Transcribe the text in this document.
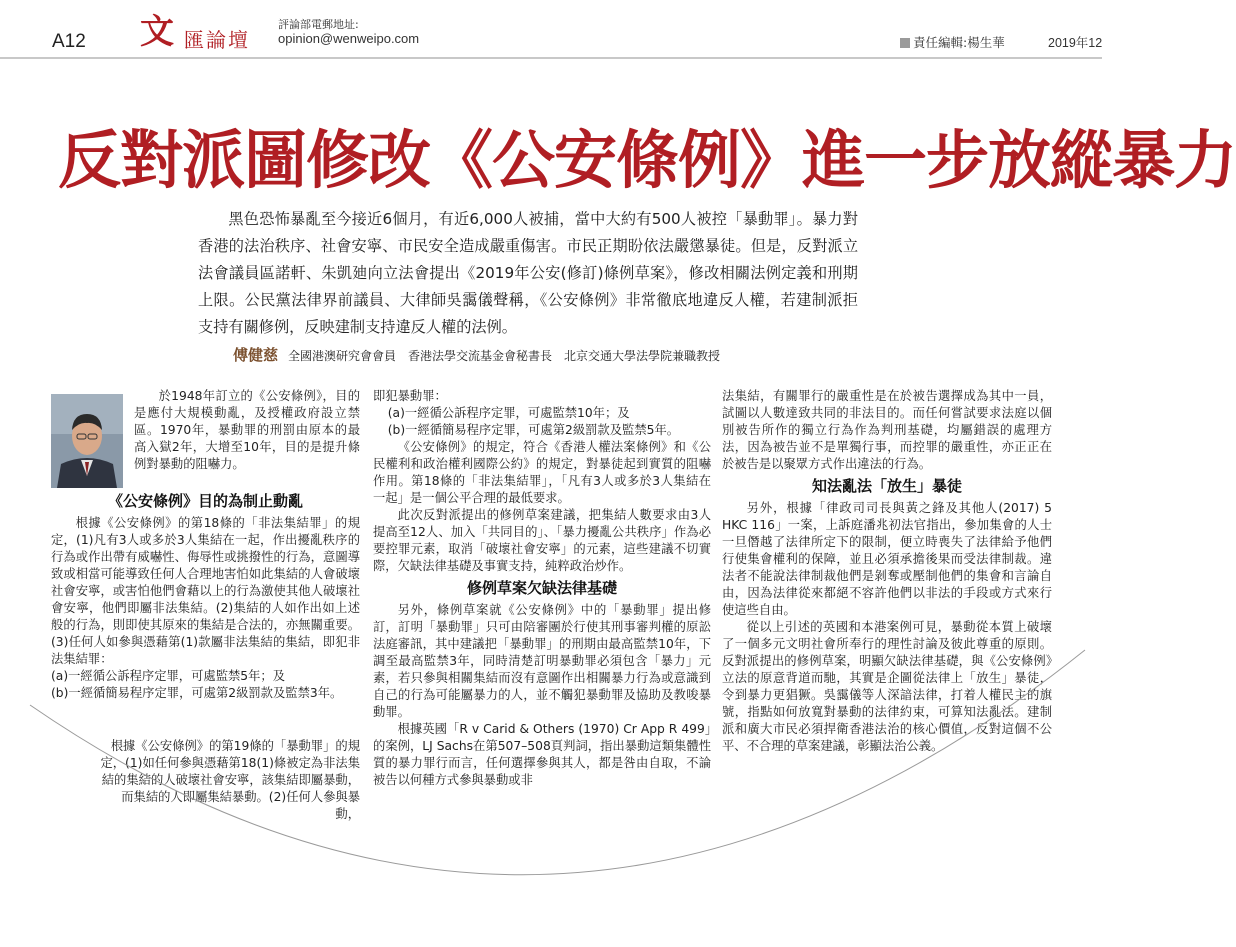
A12 文 匯論壇
評論部電郵地址:
opinion@wenweipo.com	責任編輯:楊生華	2019年12
反對派圖修改《公安條例》進一步放縱暴力

黑色恐怖暴亂至今接近6個月，有近6,000人被捕，當中大約有500人被控「暴動罪」。暴力對香港的法治秩序、社會安寧、市民安全造成嚴重傷害。市民正期盼依法嚴懲暴徒。但是，反對派立法會議員區諾軒、朱凱廸向立法會提出《2019年公安(修訂)條例草案》，修改相關法例定義和刑期上限。公民黨法律界前議員、大律師吳靄儀聲稱，《公安條例》非常徹底地違反人權，若建制派拒支持有關修例，反映建制支持違反人權的法例。

傅健慈 全國港澳研究會會員　香港法學交流基金會秘書長　北京交通大學法學院兼職教授

於1948年訂立的《公安條例》，目的是應付大規模動亂，及授權政府設立禁區。1970年，暴動罪的刑罰由原本的最高入獄2年，大增至10年，目的是提升條例對暴動的阻嚇力。

《公安條例》目的為制止動亂

根據《公安條例》的第18條的「非法集結罪」的規定，(1)凡有3人或多於3人集結在一起，作出擾亂秩序的行為或作出帶有威嚇性、侮辱性或挑撥性的行為，意圖導致或相當可能導致任何人合理地害怕如此集結的人會破壞社會安寧，或害怕他們會藉以上的行為激使其他人破壞社會安寧，他們即屬非法集結。(2)集結的人如作出如上述般的行為，則即使其原來的集結是合法的，亦無關重要。(3)任何人如參與憑藉第(1)款屬非法集結的集結，即犯非法集結罪：

(a)一經循公訴程序定罪，可處監禁5年；及

(b)一經循簡易程序定罪，可處第2級罰款及監禁3年。

根據《公安條例》的第19條的「暴動罪」的規定，(1)如任何參與憑藉第18(1)條被定為非法集結的集結的人破壞社會安寧，該集結即屬暴動，而集結的人即屬集結暴動。(2)任何人參與暴動，

即犯暴動罪：

(a)一經循公訴程序定罪，可處監禁10年；及

(b)一經循簡易程序定罪，可處第2級罰款及監禁5年。

《公安條例》的規定，符合《香港人權法案條例》和《公民權利和政治權利國際公約》的規定，對暴徒起到實質的阻嚇作用。第18條的「非法集結罪」，「凡有3人或多於3人集結在一起」是一個公平合理的最低要求。

此次反對派提出的修例草案建議，把集結人數要求由3人提高至12人、加入「共同目的」、「暴力擾亂公共秩序」作為必要控罪元素，取消「破壞社會安寧」的元素，這些建議不切實際，欠缺法律基礎及事實支持，純粹政治炒作。

修例草案欠缺法律基礎

另外，條例草案就《公安條例》中的「暴動罪」提出修訂，訂明「暴動罪」只可由陪審團於行使其刑事審判權的原訟法庭審訊，其中建議把「暴動罪」的刑期由最高監禁10年，下調至最高監禁3年，同時清楚訂明暴動罪必須包含「暴力」元素，若只參與相關集結而沒有意圖作出相關暴力行為或意識到自己的行為可能屬暴力的人，並不觸犯暴動罪及協助及教唆暴動罪。

根據英國「R v Carid & Others (1970) Cr App R 499」的案例，LJ Sachs在第507–508頁判詞，指出暴動這類集體性質的暴力罪行而言，任何選擇參與其人，都是咎由自取，不論被告以何種方式參與暴動或非

法集結，有關罪行的嚴重性是在於被告選擇成為其中一員，試圖以人數達致共同的非法目的。而任何嘗試要求法庭以個別被告所作的獨立行為作為判刑基礎，均屬錯誤的處理方法，因為被告並不是單獨行事，而控罪的嚴重性，亦正正在於被告是以聚眾方式作出違法的行為。

知法亂法「放生」暴徒

另外，根據「律政司司長與黃之鋒及其他人(2017) 5 HKC 116」一案，上訴庭潘兆初法官指出，參加集會的人士一旦僭越了法律所定下的限制，便立時喪失了法律給予他們行使集會權利的保障，並且必須承擔後果而受法律制裁。違法者不能說法律制裁他們是剝奪或壓制他們的集會和言論自由，因為法律從來都絕不容許他們以非法的手段或方式來行使這些自由。

從以上引述的英國和本港案例可見，暴動從本質上破壞了一個多元文明社會所奉行的理性討論及彼此尊重的原則。反對派提出的修例草案，明顯欠缺法律基礎，與《公安條例》立法的原意背道而馳，其實是企圖從法律上「放生」暴徒，令到暴力更猖獗。吳靄儀等人深諳法律，打着人權民主的旗號，指點如何放寬對暴動的法律約束，可算知法亂法。建制派和廣大市民必須捍衛香港法治的核心價值，反對這個不公平、不合理的草案建議，彰顯法治公義。
